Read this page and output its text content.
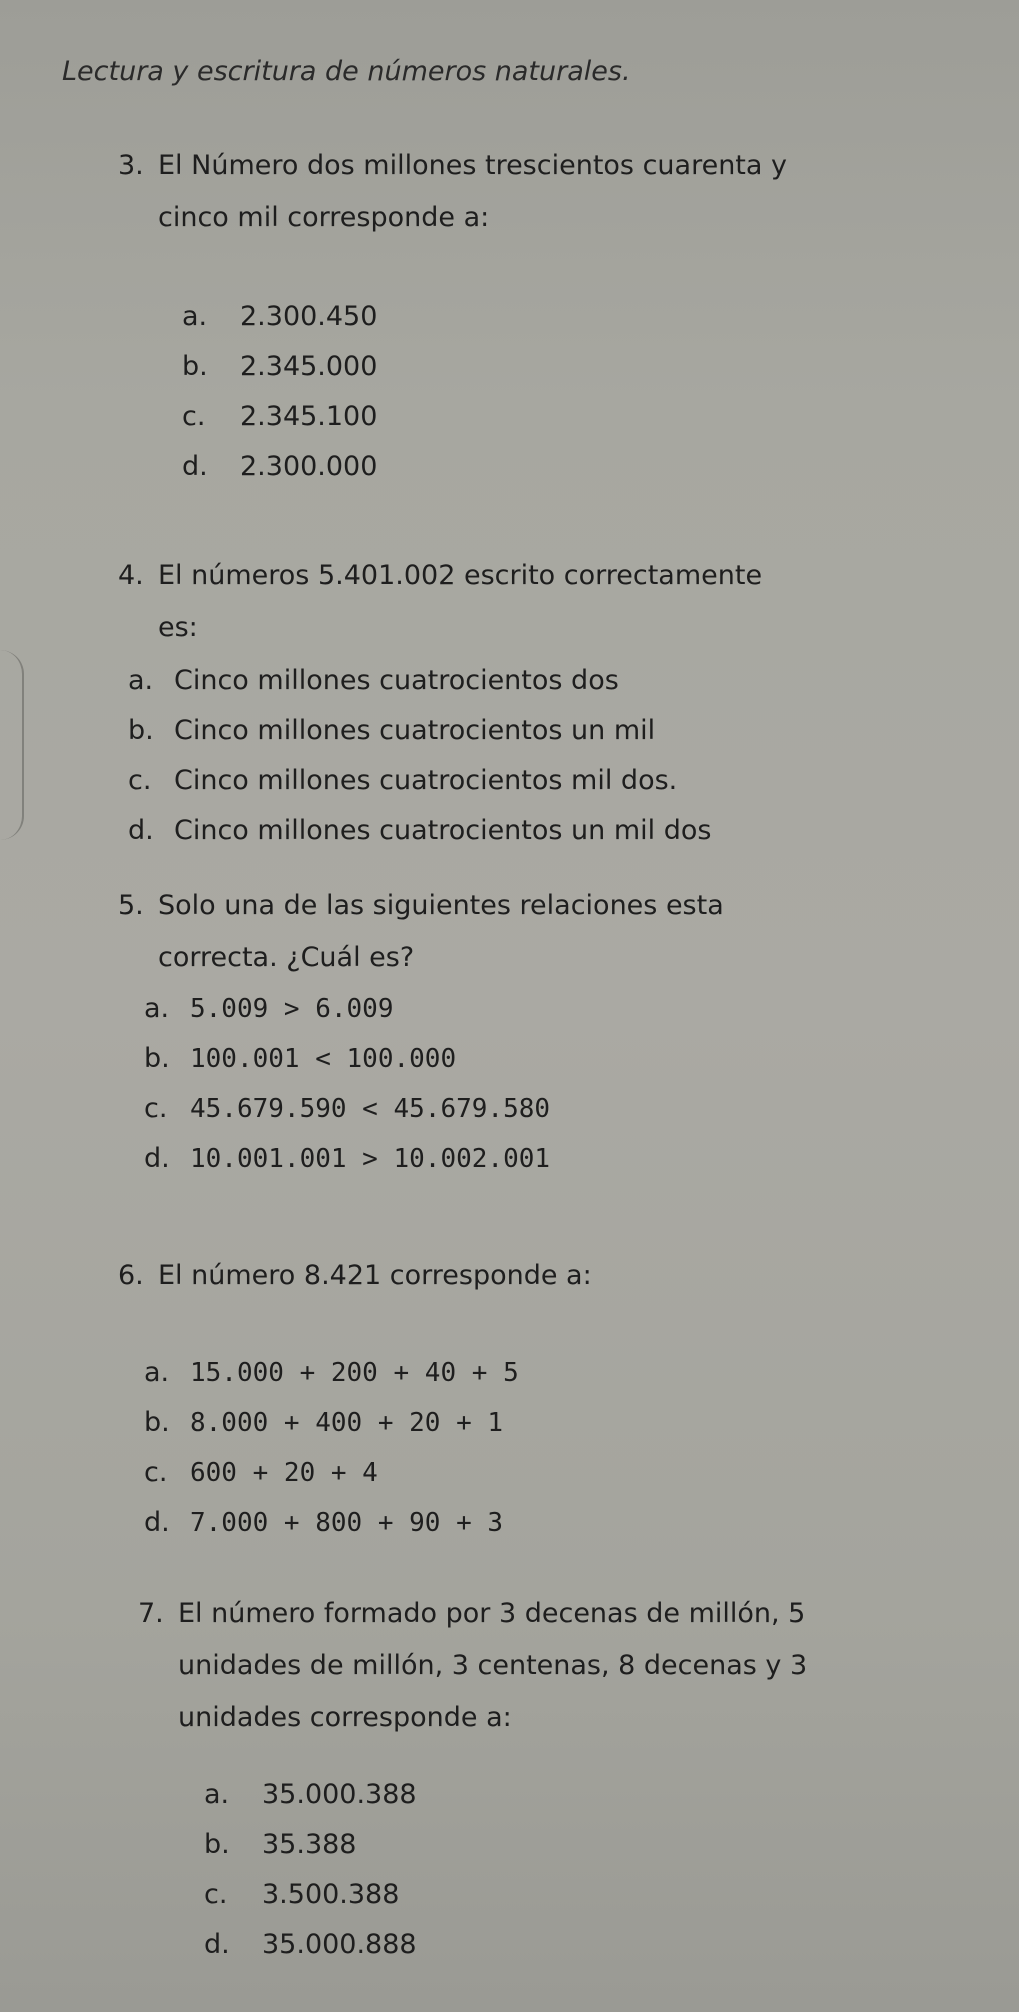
Lectura y escritura de números naturales.

3. El Número dos millones trescientos cuarenta y
cinco mil corresponde a:

a.	2.300.450
b.	2.345.000
c.	2.345.100
d.	2.300.000

4. El números 5.401.002 escrito correctamente
es:

a. Cinco millones cuatrocientos dos
b. Cinco millones cuatrocientos un mil
c. Cinco millones cuatrocientos mil dos.
d. Cinco millones cuatrocientos un mil dos

5. Solo una de las siguientes relaciones esta
correcta. ¿Cuál es?

a. 5.009 > 6.009
b. 100.001 < 100.000
c. 45.679.590 < 45.679.580
d. 10.001.001 > 10.002.001

6. El número 8.421 corresponde a:

a. 15.000 + 200 + 40 + 5
b. 8.000 + 400 + 20 + 1
c. 600 + 20 + 4
d. 7.000 + 800 + 90 + 3

7. El número formado por 3 decenas de millón, 5
unidades de millón, 3 centenas, 8 decenas y 3
unidades corresponde a:

a.	35.000.388
b.	35.388
c.	3.500.388
d.	35.000.888
